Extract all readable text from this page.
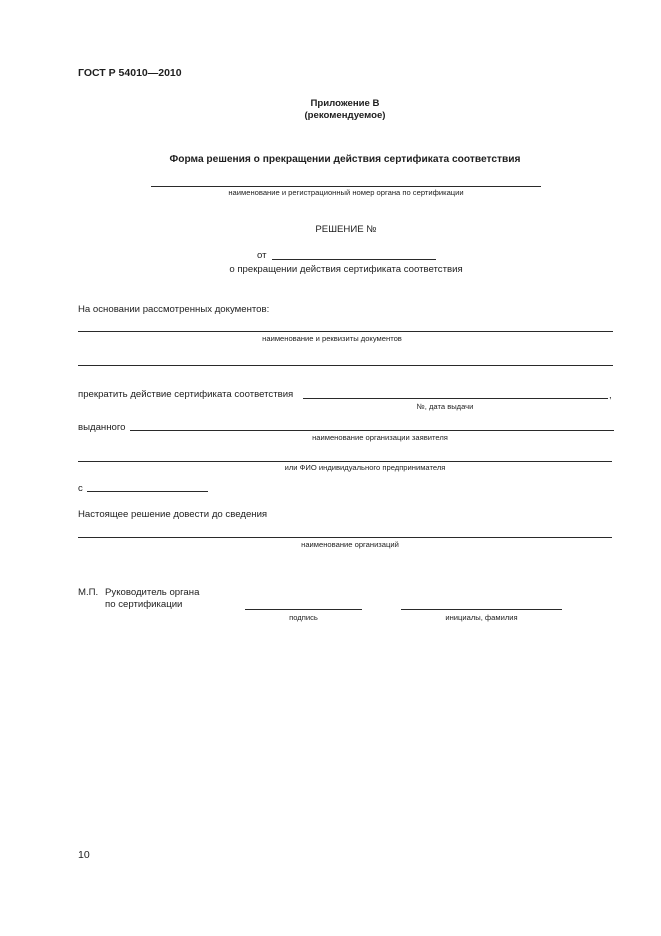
ГОСТ Р 54010—2010
Приложение В
(рекомендуемое)
Форма решения о прекращении действия сертификата соответствия
наименование и регистрационный номер органа по сертификации
РЕШЕНИЕ №
от
о прекращении действия сертификата соответствия
На основании рассмотренных документов:
наименование и реквизиты документов
прекратить действие сертификата соответствия	,
№, дата выдачи
выданного
наименование организации заявителя
или ФИО индивидуального предпринимателя
с
Настоящее решение довести до сведения
наименование организаций
М.П. Руководитель органа
по сертификации
подпись	инициалы, фамилия
10
